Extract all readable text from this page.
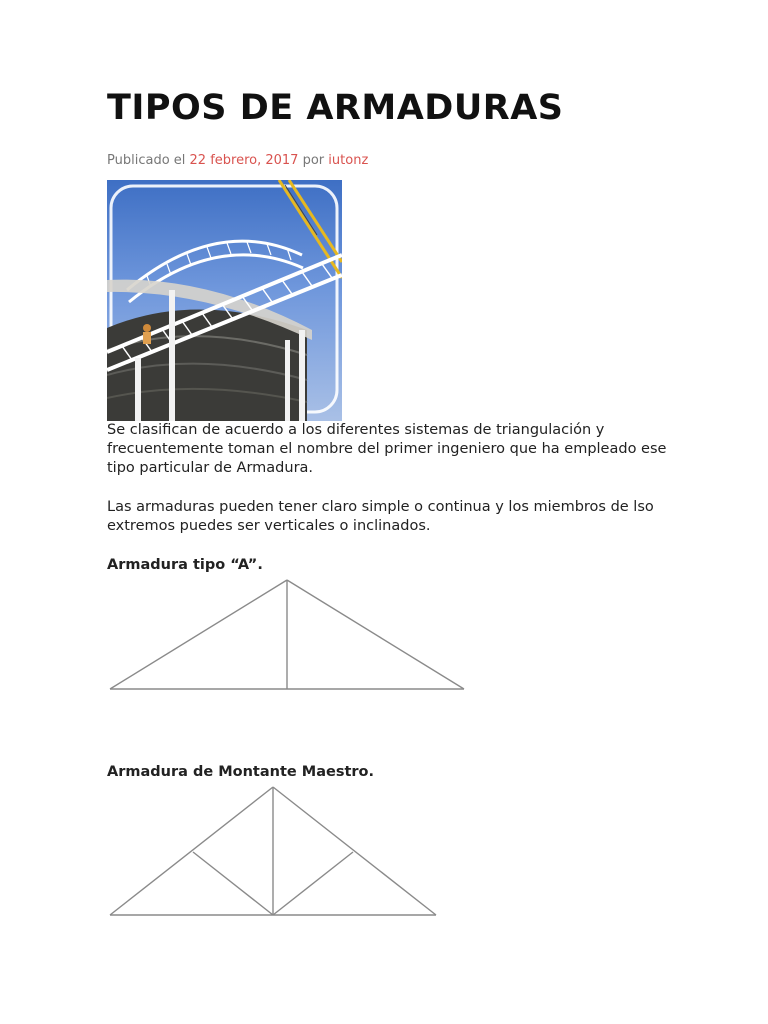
TIPOS DE ARMADURAS
Publicado el 22 febrero, 2017 por iutonz

Se clasifican de acuerdo a los diferentes sistemas de triangulación y frecuentemente toman el nombre del primer ingeniero que ha empleado ese tipo particular de Armadura.

Las armaduras pueden tener claro simple o continua y los miembros de lso extremos puedes ser verticales o inclinados.

Armadura tipo “A”.
Armadura de Montante Maestro.
